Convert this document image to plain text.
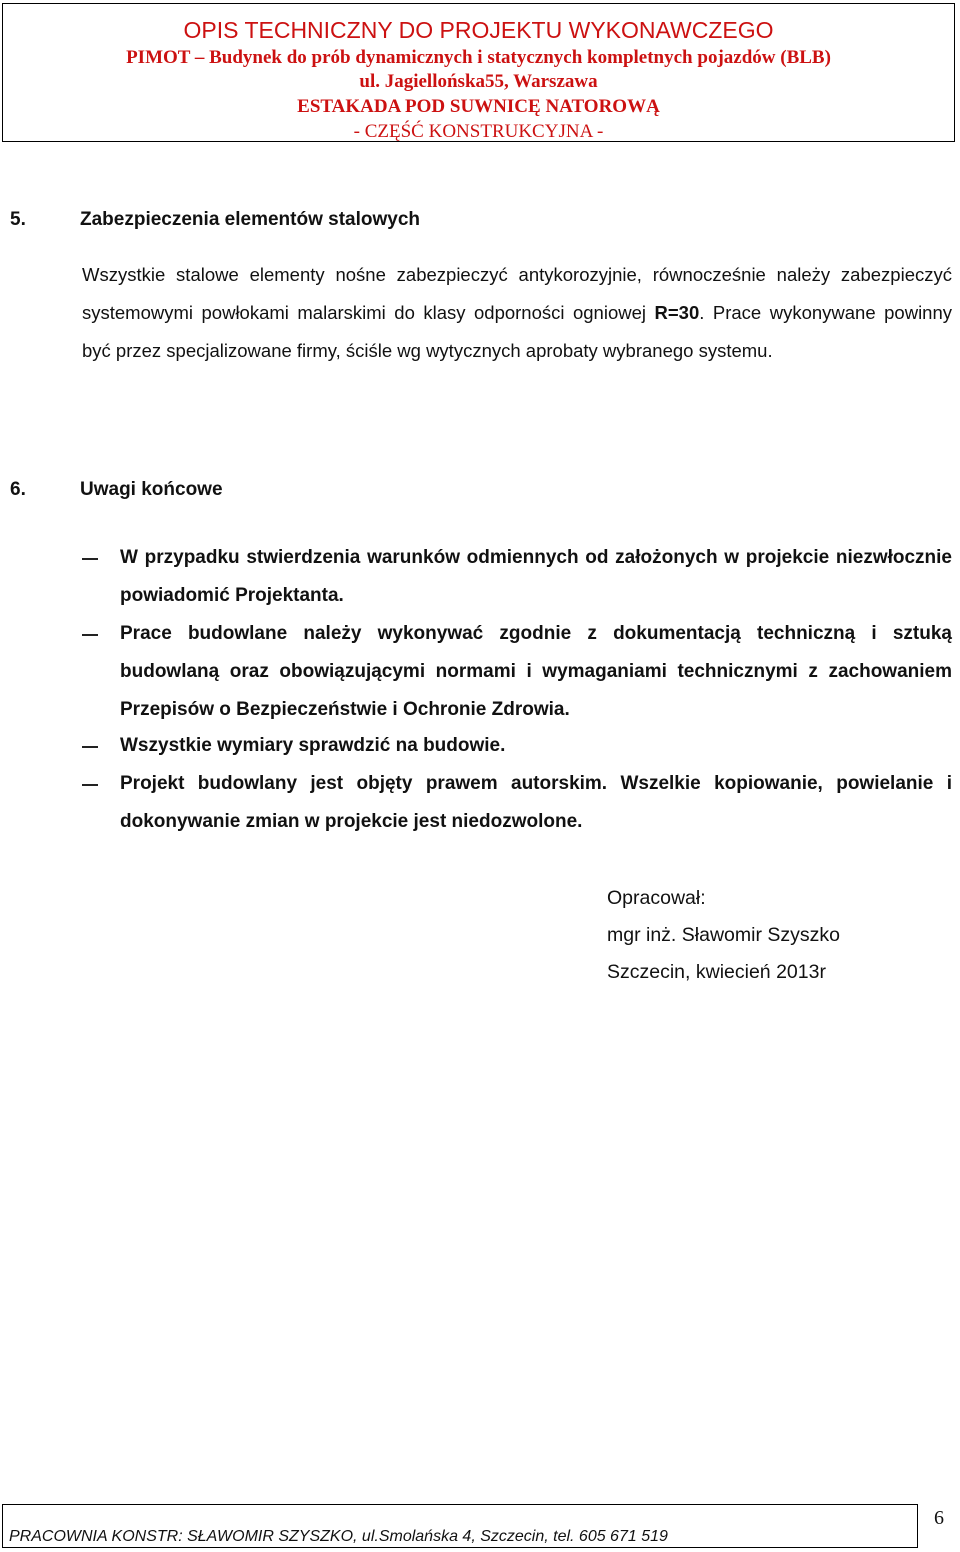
OPIS TECHNICZNY DO PROJEKTU WYKONAWCZEGO
PIMOT – Budynek do prób dynamicznych i statycznych kompletnych pojazdów (BLB)
ul. Jagiellońska55, Warszawa
ESTAKADA POD SUWNICĘ NATOROWĄ
- CZĘŚĆ KONSTRUKCYJNA -
5.	Zabezpieczenia elementów stalowych
Wszystkie stalowe elementy nośne zabezpieczyć antykorozyjnie, równocześnie należy zabezpieczyć systemowymi powłokami malarskimi do klasy odporności ogniowej R=30. Prace wykonywane powinny być przez specjalizowane firmy, ściśle wg wytycznych aprobaty wybranego systemu.
6.	Uwagi końcowe
W przypadku stwierdzenia warunków odmiennych od założonych w projekcie niezwłocznie powiadomić Projektanta.
Prace budowlane należy wykonywać zgodnie z dokumentacją techniczną i sztuką budowlaną oraz obowiązującymi normami i wymaganiami technicznymi z zachowaniem Przepisów o Bezpieczeństwie i Ochronie Zdrowia.
Wszystkie wymiary sprawdzić na budowie.
Projekt budowlany jest objęty prawem autorskim. Wszelkie kopiowanie, powielanie i dokonywanie zmian w projekcie jest niedozwolone.
Opracował:
mgr inż. Sławomir Szyszko
Szczecin, kwiecień 2013r
PRACOWNIA KONSTR: SŁAWOMIR SZYSZKO, ul.Smolańska 4, Szczecin, tel. 605 671 519
6
